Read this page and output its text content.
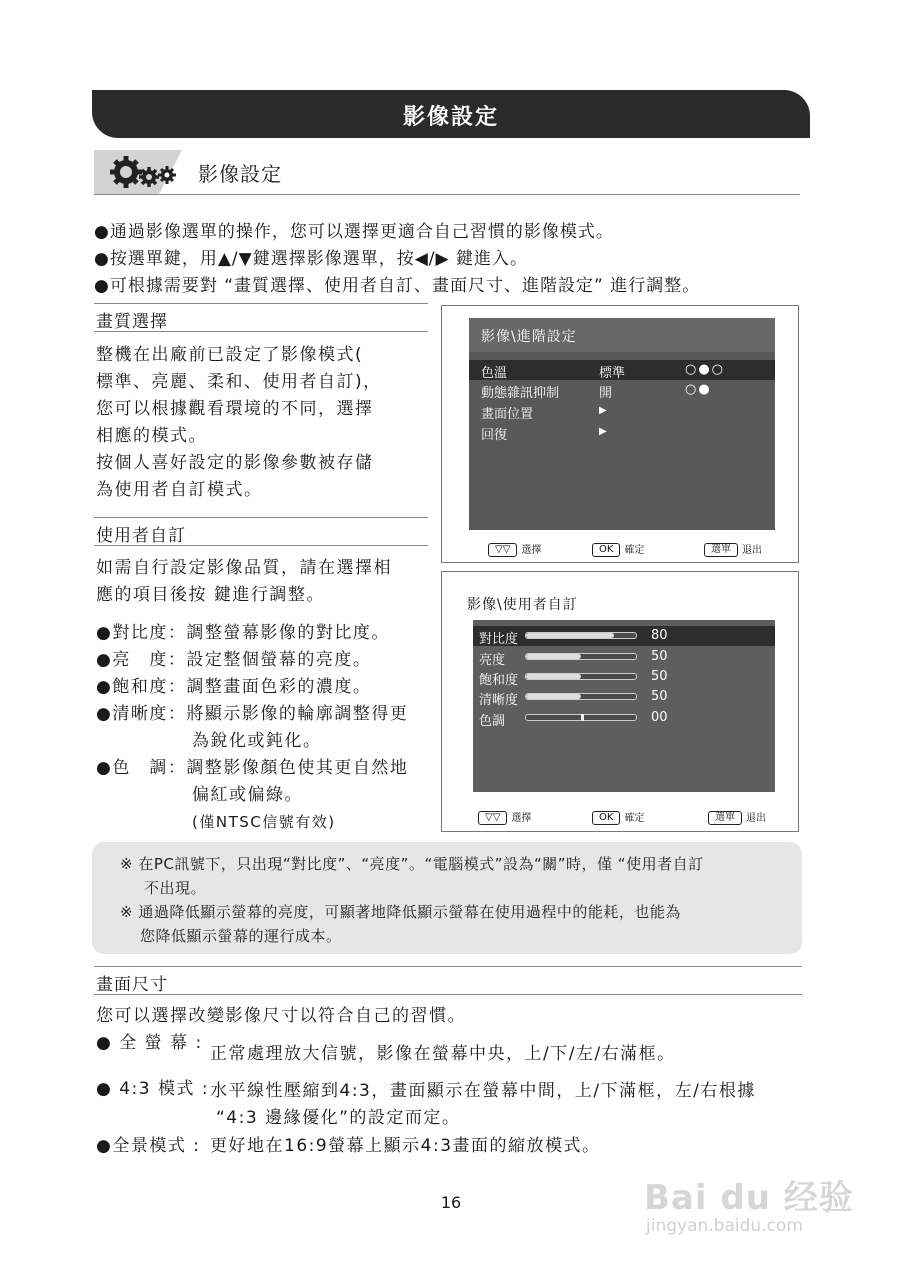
影像設定
影像設定
●通過影像選單的操作，您可以選擇更適合自己習慣的影像模式。
●按選單鍵，用▲/▼鍵選擇影像選單，按◀/▶ 鍵進入。
●可根據需要對 “畫質選擇、使用者自訂、畫面尺寸、進階設定” 進行調整。
畫質選擇
整機在出廠前已設定了影像模式(
標準、亮麗、柔和、使用者自訂)，
您可以根據觀看環境的不同，選擇
相應的模式。
按個人喜好設定的影像參數被存儲
為使用者自訂模式。
使用者自訂
如需自行設定影像品質，請在選擇相
應的項目後按 鍵進行調整。
●對比度：調整螢幕影像的對比度。
●亮　度：設定整個螢幕的亮度。
●飽和度：調整畫面色彩的濃度。
●清晰度：將顯示影像的輪廓調整得更
為銳化或鈍化。
●色　調：調整影像顏色使其更自然地
偏紅或偏綠。
(僅NTSC信號有效)
影像\進階設定
色溫	標準	○●○
動態雜訊抑制	開	○●
畫面位置	▶
回復	▶
▽▽ 選擇	OK 確定	選單 退出
影像\使用者自訂
對比度	80
亮度	50
飽和度	50
清晰度	50
色調	00
▽▽ 選擇	OK 確定	選單 退出
※ 在PC訊號下，只出現“對比度”、“亮度”。“電腦模式”設為“關”時，僅 “使用者自訂
不出現。
※ 通過降低顯示螢幕的亮度，可顯著地降低顯示螢幕在使用過程中的能耗，也能為
您降低顯示螢幕的運行成本。
畫面尺寸
您可以選擇改變影像尺寸以符合自己的習慣。
● 全 螢 幕 :
正常處理放大信號，影像在螢幕中央，上/下/左/右滿框。
● 4:3 模式 : 水平線性壓縮到4:3，畫面顯示在螢幕中間，上/下滿框，左/右根據
“4:3 邊緣優化”的設定而定。
●全景模式 : 更好地在16:9螢幕上顯示4:3畫面的縮放模式。
16	Bai du 经验
jingyan.baidu.com
